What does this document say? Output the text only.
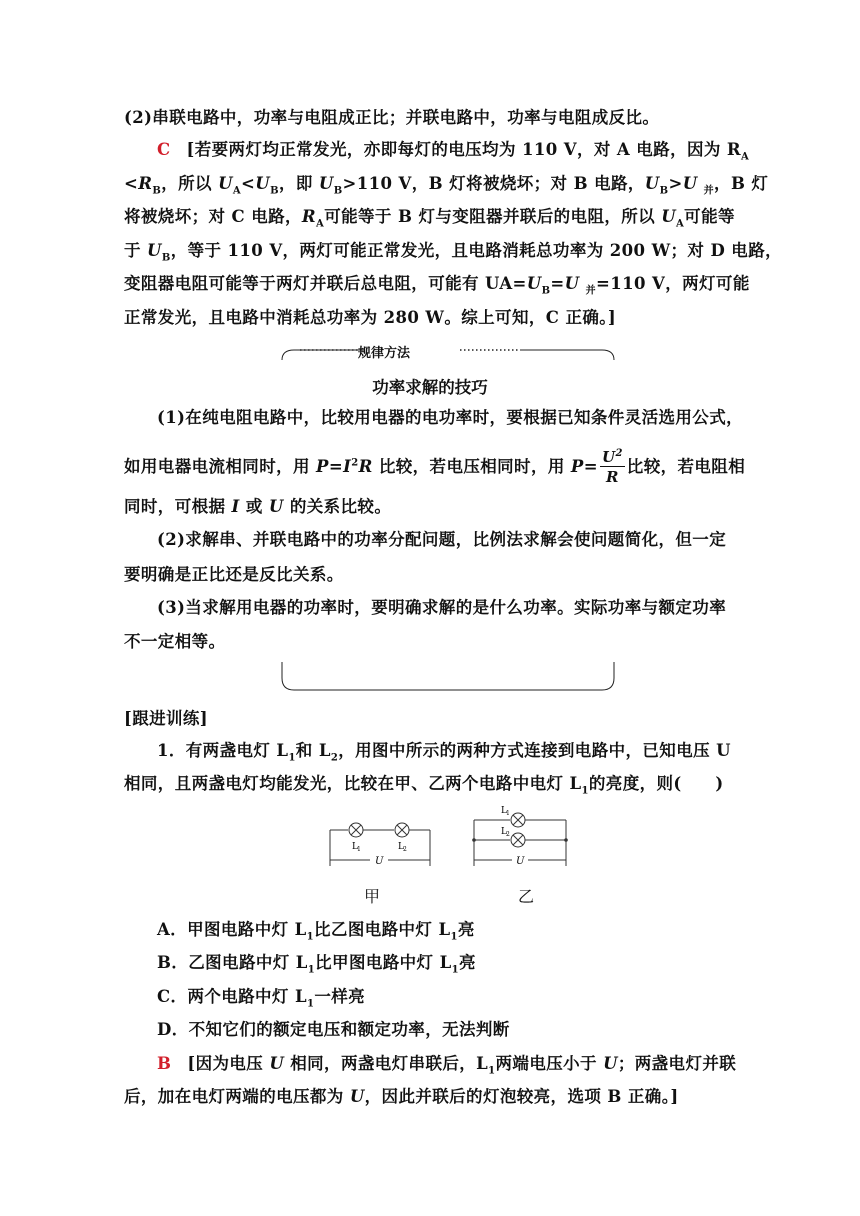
(2)串联电路中，功率与电阻成正比；并联电路中，功率与电阻成反比。
C [若要两灯均正常发光，亦即每灯的电压均为 110 V，对 A 电路，因为 $R_A$
$<R_B$，所以 $U_A<U_B$，即 $U_B>110$ V，B 灯将被烧坏；对 B 电路，$U_B>U$ $_并$，B 灯
将被烧坏；对 C 电路，$R_A$可能等于 B 灯与变阻器并联后的电阻，所以 $U_A$可能等
于 $U_B$，等于 110 V，两灯可能正常发光，且电路消耗总功率为 200 W；对 D 电路，
变阻器电阻可能等于两灯并联后总电阻，可能有 $UA=U_B=U$ $_并$=110 V，两灯可能
正常发光，且电路中消耗总功率为 280 W。综上可知，C 正确。]
规律方法
功率求解的技巧
(1)在纯电阻电路中，比较用电器的电功率时，要根据已知条件灵活选用公式，
如用电器电流相同时，用 $P=I^2R$ 比较，若电压相同时，用 $P= \frac{U^2}{R}$ 比较，若电阻相
同时，可根据 I 或 U 的关系比较。
(2)求解串、并联电路中的功率分配问题，比例法求解会使问题简化，但一定
要明确是正比还是反比关系。
(3)当求解用电器的功率时，要明确求解的是什么功率。实际功率与额定功率
不一定相等。
[跟进训练]
1．有两盏电灯 $L_1$和 $L_2$，用图中所示的两种方式连接到电路中，已知电压 U
相同，且两盏电灯均能发光，比较在甲、乙两个电路中电灯 $L_1$的亮度，则(　　)
L 1	L 2
U
甲
L 1
L 2
U
乙
A．甲图电路中灯 $L_1$比乙图电路中灯 $L_1$亮
B．乙图电路中灯 $L_1$比甲图电路中灯 $L_1$亮
C．两个电路中灯 $L_1$一样亮
D．不知它们的额定电压和额定功率，无法判断
B [因为电压 U 相同，两盏电灯串联后，$L_1$两端电压小于 U；两盏电灯并联
后，加在电灯两端的电压都为 U，因此并联后的灯泡较亮，选项 B 正确。]
